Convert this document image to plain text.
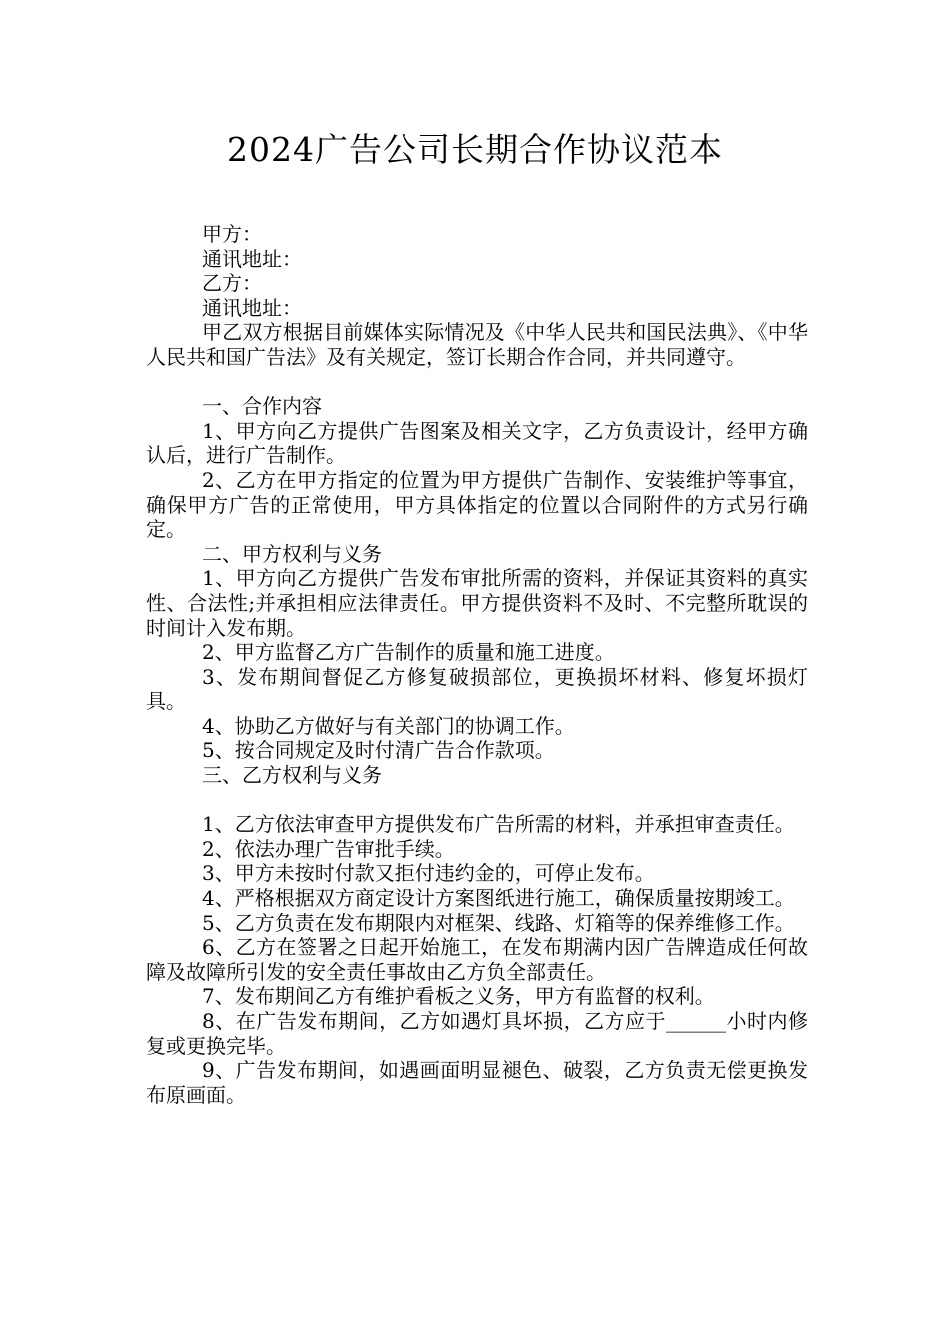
2024广告公司长期合作协议范本

甲方：

通讯地址：

乙方：

通讯地址：

甲乙双方根据目前媒体实际情况及《中华人民共和国民法典》、《中华人民共和国广告法》及有关规定，签订长期合作合同，并共同遵守。

一、合作内容

1、甲方向乙方提供广告图案及相关文字，乙方负责设计，经甲方确认后，进行广告制作。

2、乙方在甲方指定的位置为甲方提供广告制作、安装维护等事宜，确保甲方广告的正常使用，甲方具体指定的位置以合同附件的方式另行确定。

二、甲方权利与义务

1、甲方向乙方提供广告发布审批所需的资料，并保证其资料的真实性、合法性;并承担相应法律责任。甲方提供资料不及时、不完整所耽误的时间计入发布期。

2、甲方监督乙方广告制作的质量和施工进度。

3、发布期间督促乙方修复破损部位，更换损坏材料、修复坏损灯具。

4、协助乙方做好与有关部门的协调工作。

5、按合同规定及时付清广告合作款项。

三、乙方权利与义务

1、乙方依法审查甲方提供发布广告所需的材料，并承担审查责任。

2、依法办理广告审批手续。

3、甲方未按时付款又拒付违约金的，可停止发布。

4、严格根据双方商定设计方案图纸进行施工，确保质量按期竣工。

5、乙方负责在发布期限内对框架、线路、灯箱等的保养维修工作。

6、乙方在签署之日起开始施工，在发布期满内因广告牌造成任何故障及故障所引发的安全责任事故由乙方负全部责任。

7、发布期间乙方有维护看板之义务，甲方有监督的权利。

8、在广告发布期间，乙方如遇灯具坏损，乙方应于______小时内修复或更换完毕。

9、广告发布期间，如遇画面明显褪色、破裂，乙方负责无偿更换发布原画面。
